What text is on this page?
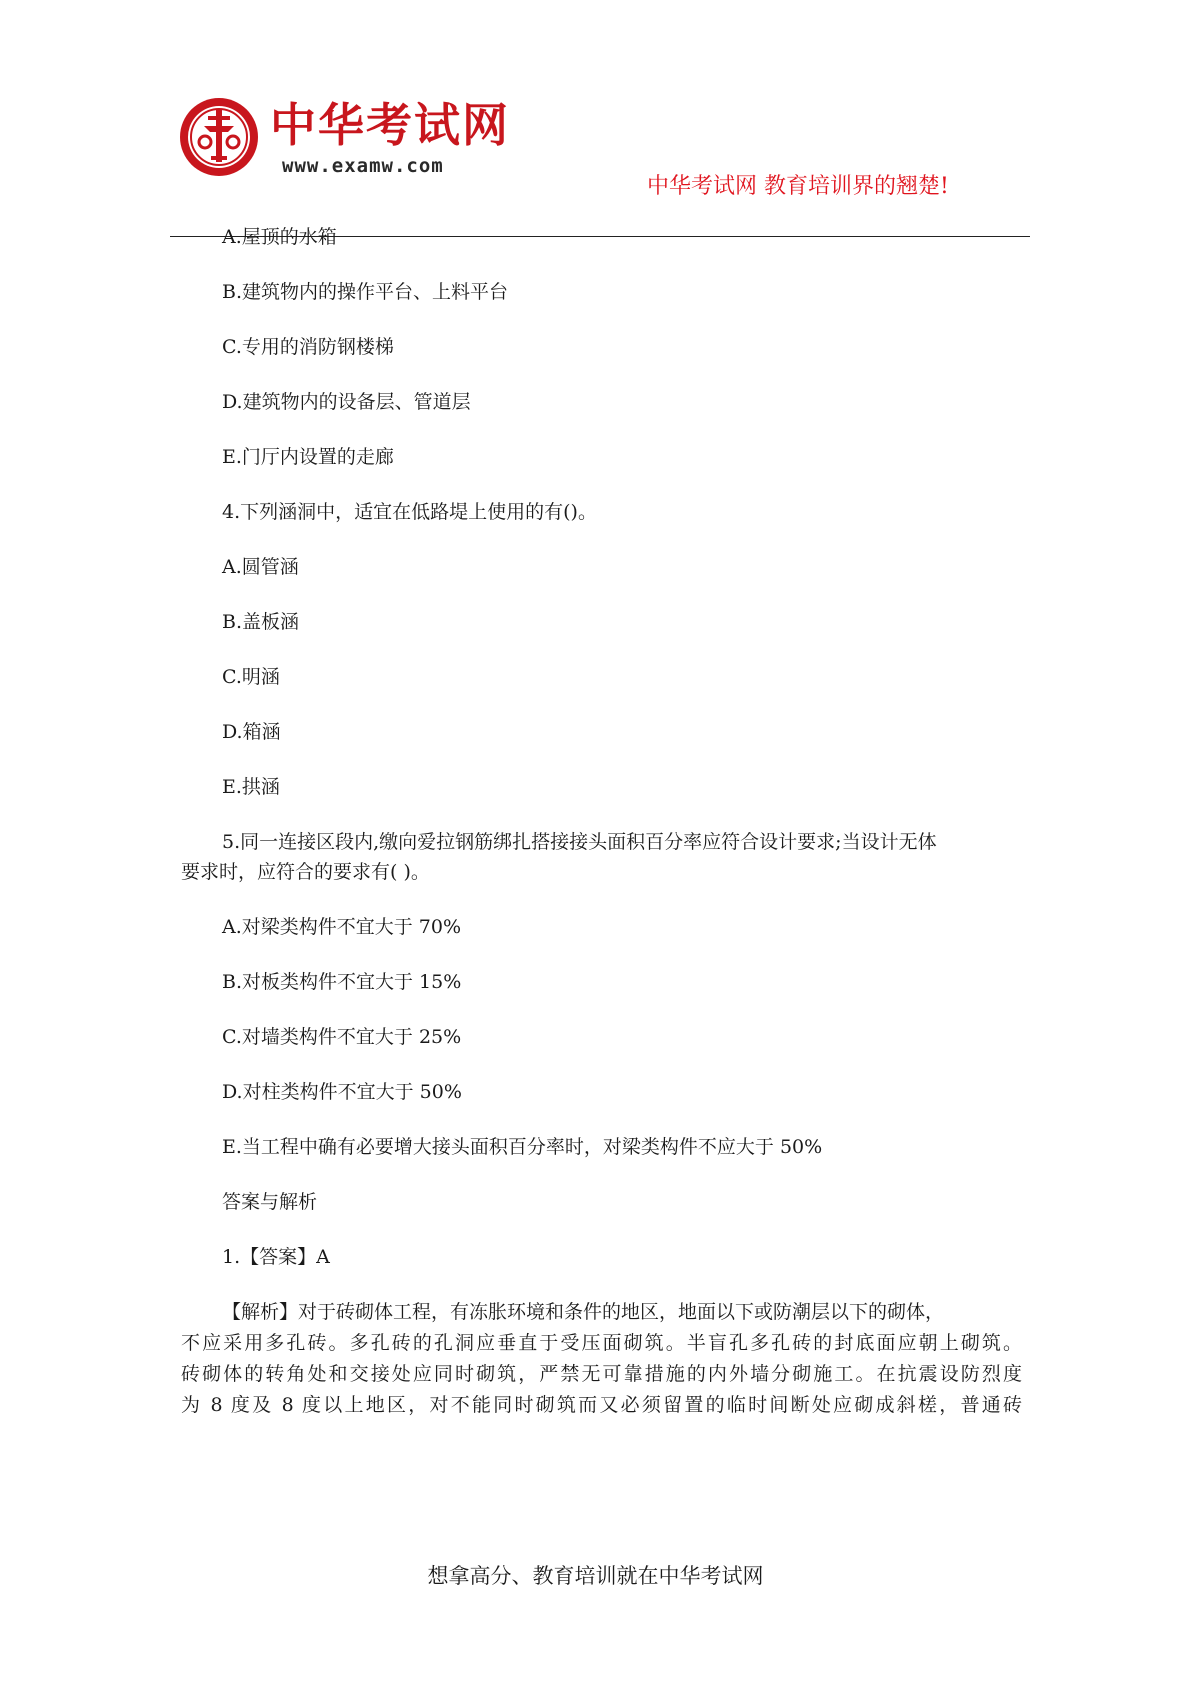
中华考试网
www.examw.com
中华考试网 教育培训界的翘楚!
A.屋顶的水箱
B.建筑物内的操作平台、上料平台
C.专用的消防钢楼梯
D.建筑物内的设备层、管道层
E.门厅内设置的走廊
4.下列涵洞中，适宜在低路堤上使用的有()。
A.圆管涵
B.盖板涵
C.明涵
D.箱涵
E.拱涵
5.同一连接区段内,缴向爱拉钢筋绑扎搭接接头面积百分率应符合设计要求;当设计无体
要求时，应符合的要求有( )。
A.对梁类构件不宜大于 70%
B.对板类构件不宜大于 15%
C.对墙类构件不宜大于 25%
D.对柱类构件不宜大于 50%
E.当工程中确有必要增大接头面积百分率时，对梁类构件不应大于 50%
答案与解析
1.【答案】A
【解析】对于砖砌体工程，有冻胀环境和条件的地区，地面以下或防潮层以下的砌体，
不应采用多孔砖。多孔砖的孔洞应垂直于受压面砌筑。半盲孔多孔砖的封底面应朝上砌筑。
砖砌体的转角处和交接处应同时砌筑，严禁无可靠措施的内外墙分砌施工。在抗震设防烈度
为 8 度及 8 度以上地区，对不能同时砌筑而又必须留置的临时间断处应砌成斜槎，普通砖
想拿高分、教育培训就在中华考试网
